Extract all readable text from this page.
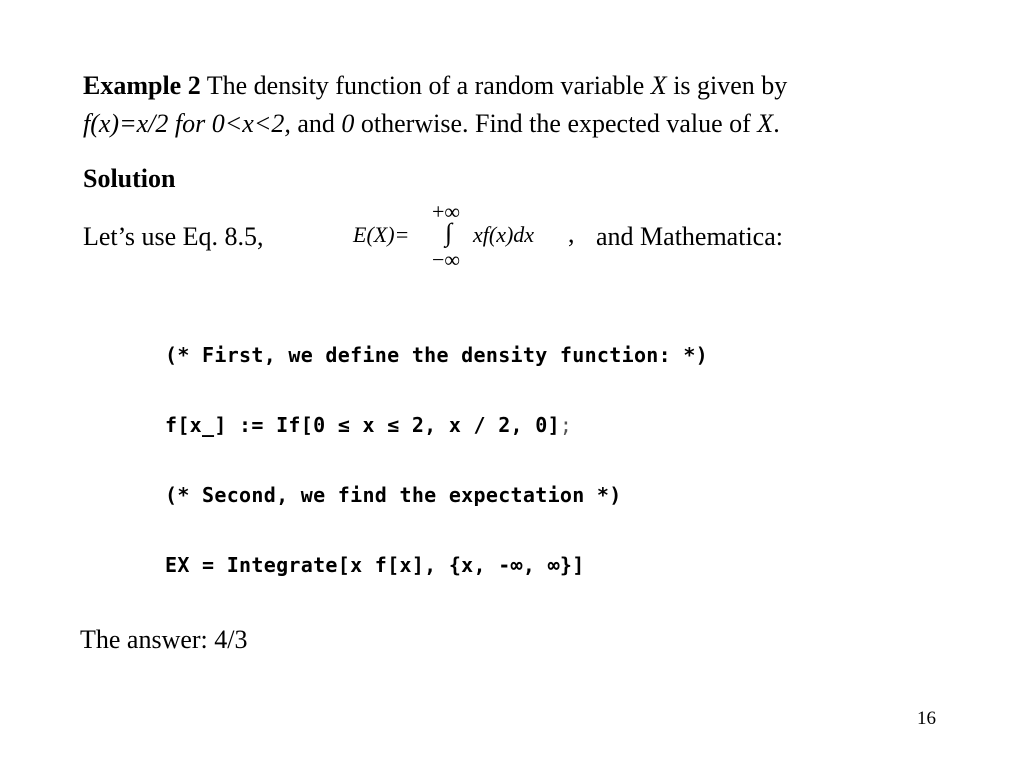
Example 2 The density function of a random variable X is given by
f(x)=x/2 for 0<x<2, and 0 otherwise. Find the expected value of X.
Solution
Let’s use Eq. 8.5,	E(X)=
+∞
∫
−∞
xf(x)dx , and Mathematica:
(* First, we define the density function: *)
f[x_] := If[0 ≤ x ≤ 2, x / 2, 0];
(* Second, we find the expectation *)
EX = Integrate[x f[x], {x, -∞, ∞}]
The answer: 4/3
16
